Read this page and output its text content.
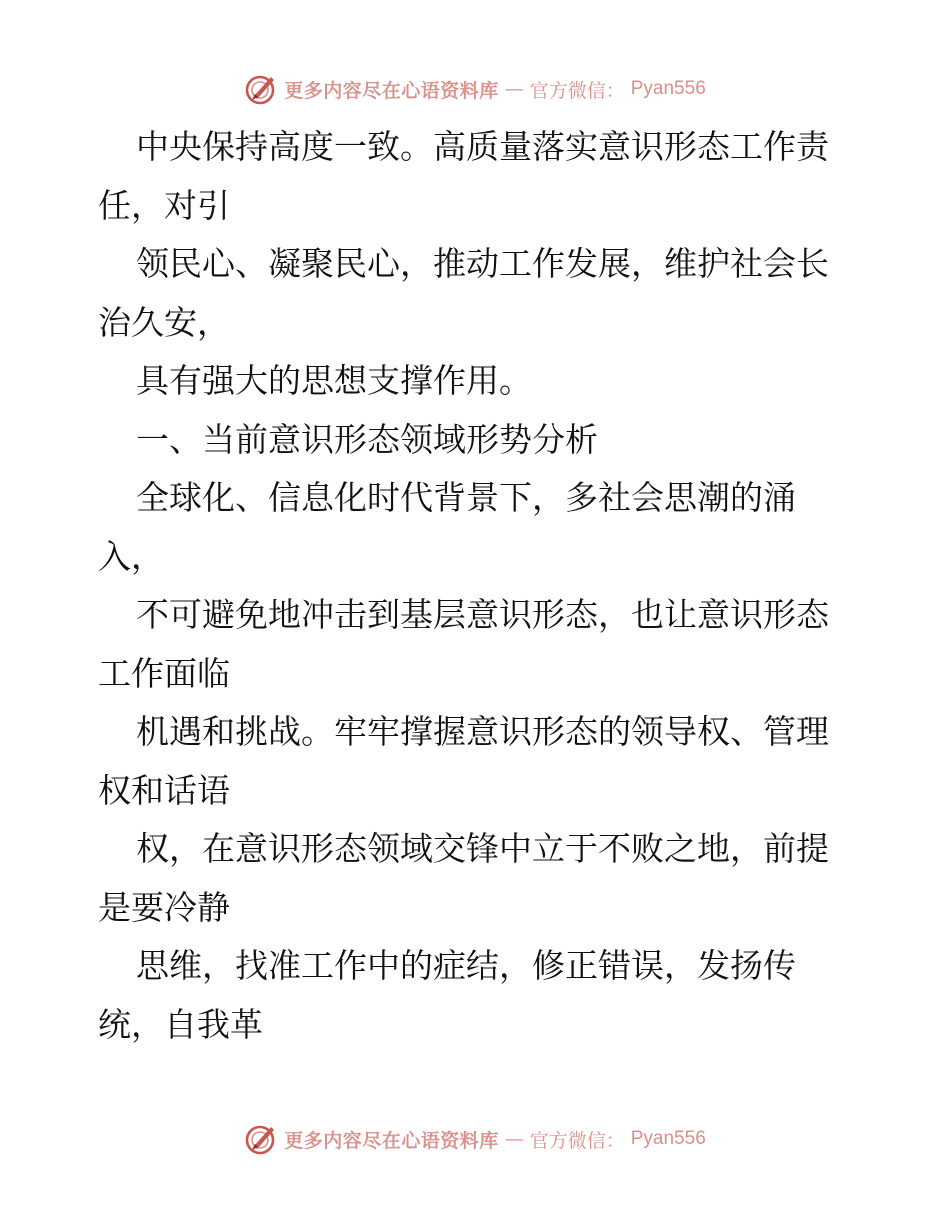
更多内容尽在心语资料库 — 官方微信： Pyan556
中央保持高度一致。高质量落实意识形态工作责
任，对引
领民心、凝聚民心，推动工作发展，维护社会长
治久安，
具有强大的思想支撑作用。
一、当前意识形态领域形势分析
全球化、信息化时代背景下，多社会思潮的涌
入，
不可避免地冲击到基层意识形态，也让意识形态
工作面临
机遇和挑战。牢牢撑握意识形态的领导权、管理
权和话语
权，在意识形态领域交锋中立于不败之地，前提
是要冷静
思维，找准工作中的症结，修正错误，发扬传
统，自我革
更多内容尽在心语资料库 — 官方微信： Pyan556
